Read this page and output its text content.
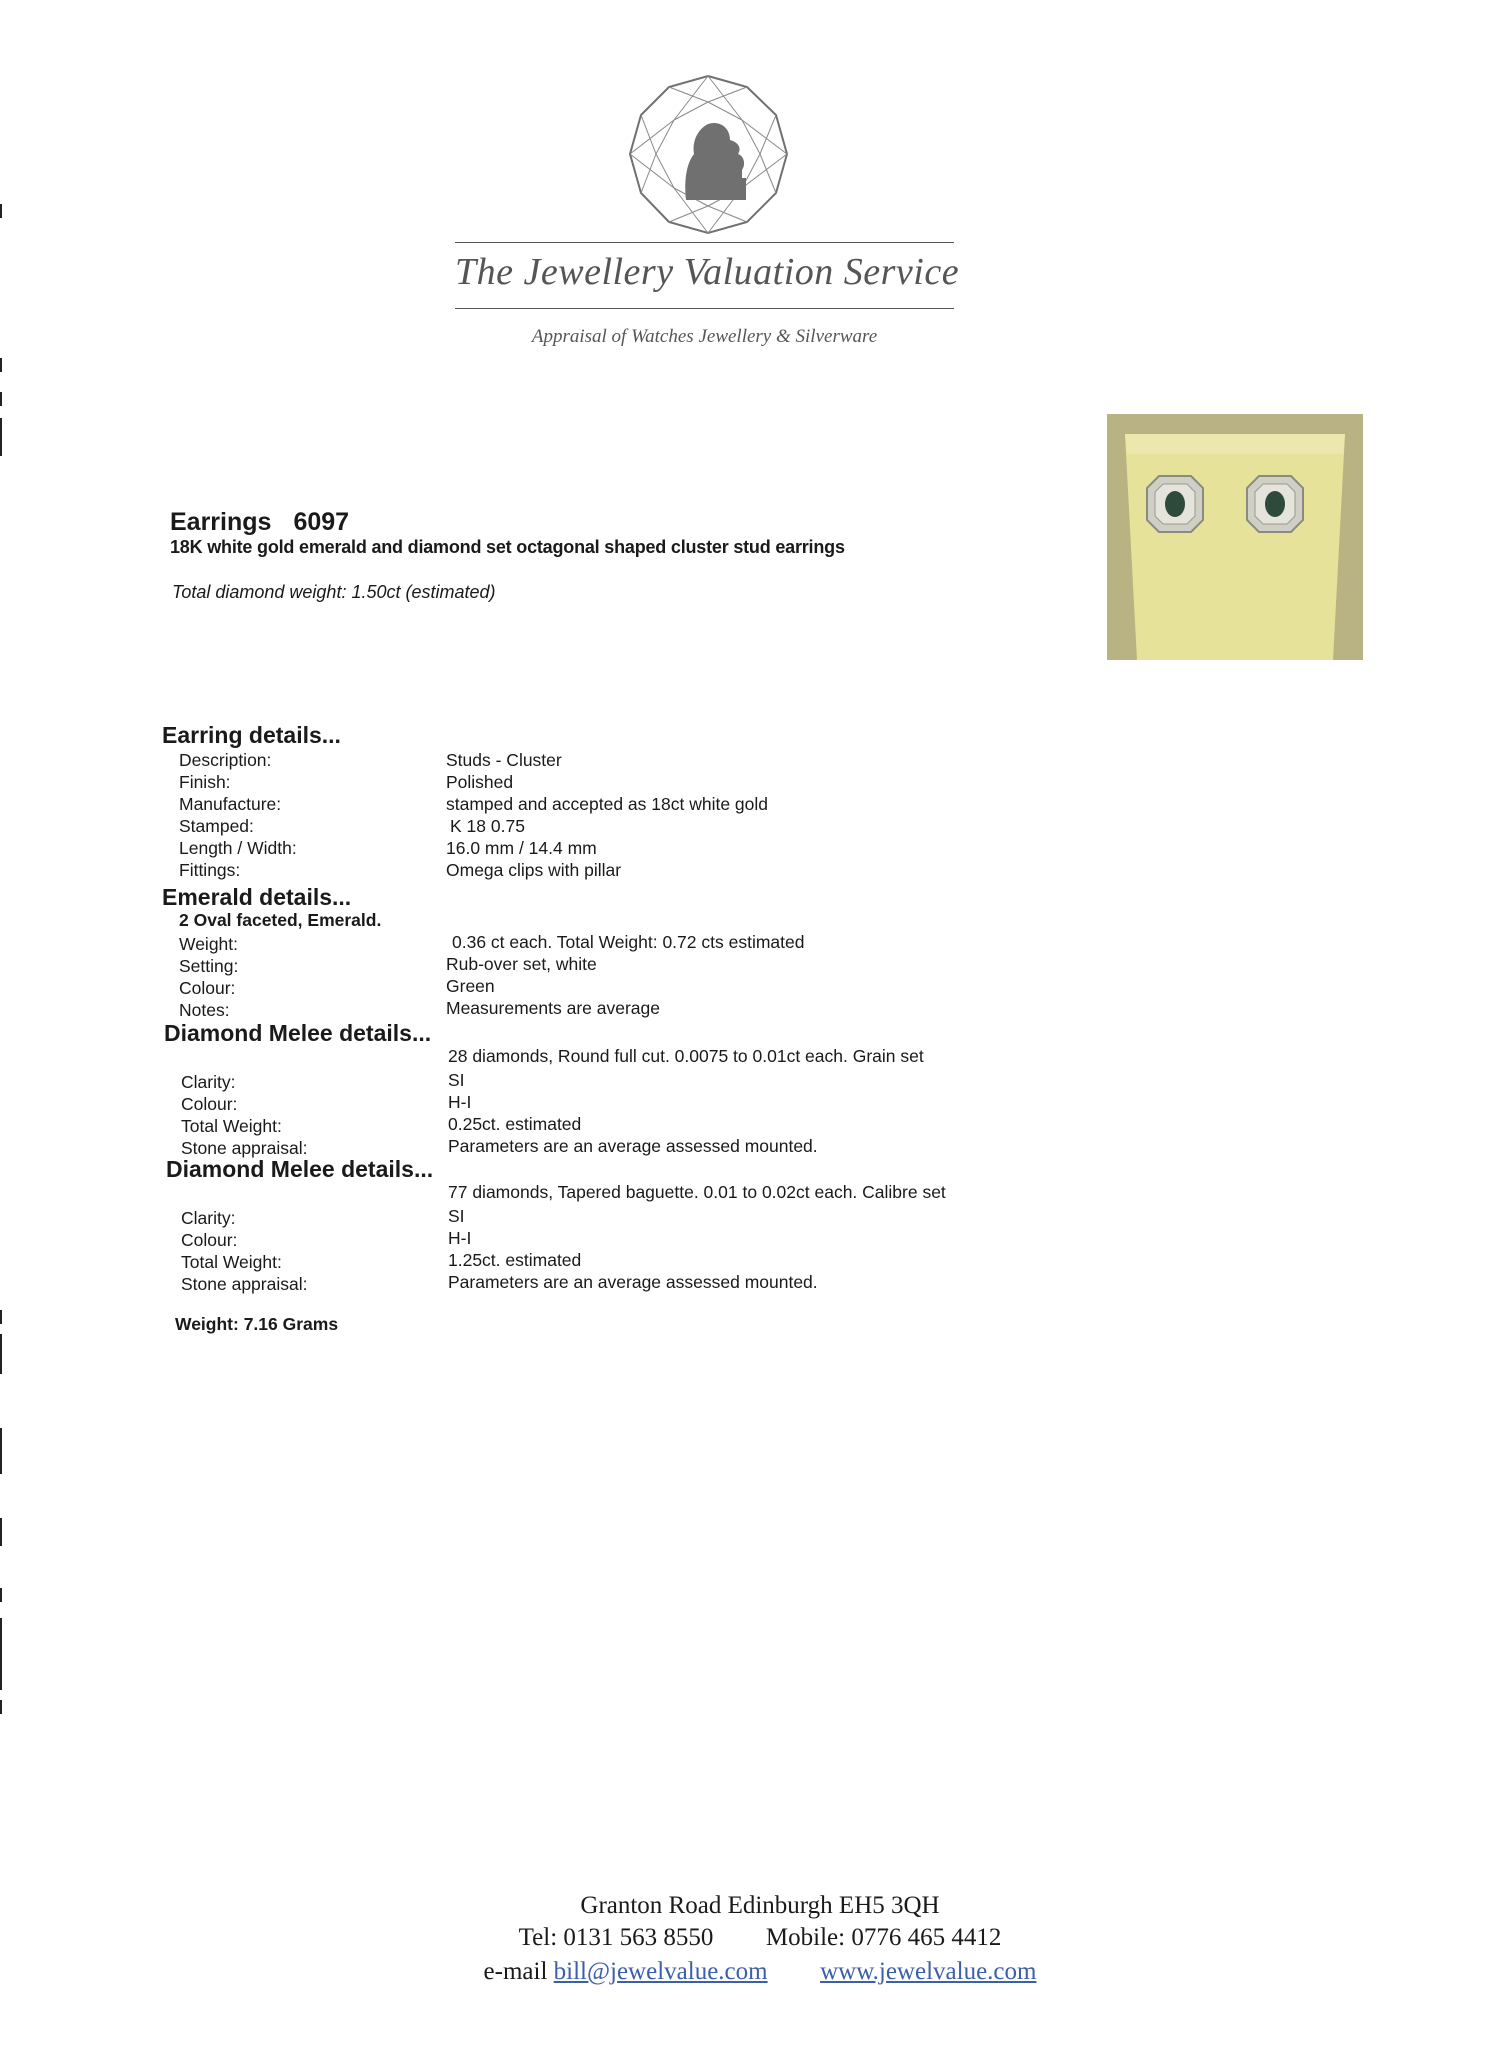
The Jewellery Valuation Service
Appraisal of Watches Jewellery & Silverware
Earrings 6097
18K white gold emerald and diamond set octagonal shaped cluster stud earrings
Total diamond weight: 1.50ct (estimated)
Earring details...
Description:	Studs - Cluster
Finish:	Polished
Manufacture:	stamped and accepted as 18ct white gold
Stamped:	K 18 0.75
Length / Width:	16.0 mm / 14.4 mm
Fittings:	Omega clips with pillar
Emerald details...
2 Oval faceted, Emerald.
Weight:	0.36 ct each. Total Weight: 0.72 cts estimated
Setting:	Rub-over set, white
Colour:	Green
Notes:	Measurements are average
Diamond Melee details...
28 diamonds, Round full cut. 0.0075 to 0.01ct each. Grain set
Clarity:	SI
Colour:	H-I
Total Weight:	0.25ct. estimated
Stone appraisal:	Parameters are an average assessed mounted.
Diamond Melee details...
77 diamonds, Tapered baguette. 0.01 to 0.02ct each. Calibre set
Clarity:	SI
Colour:	H-I
Total Weight:	1.25ct. estimated
Stone appraisal:	Parameters are an average assessed mounted.
Weight: 7.16 Grams
Granton Road Edinburgh EH5 3QH
Tel: 0131 563 8550 Mobile: 0776 465 4412
e-mail bill@jewelvalue.com www.jewelvalue.com
